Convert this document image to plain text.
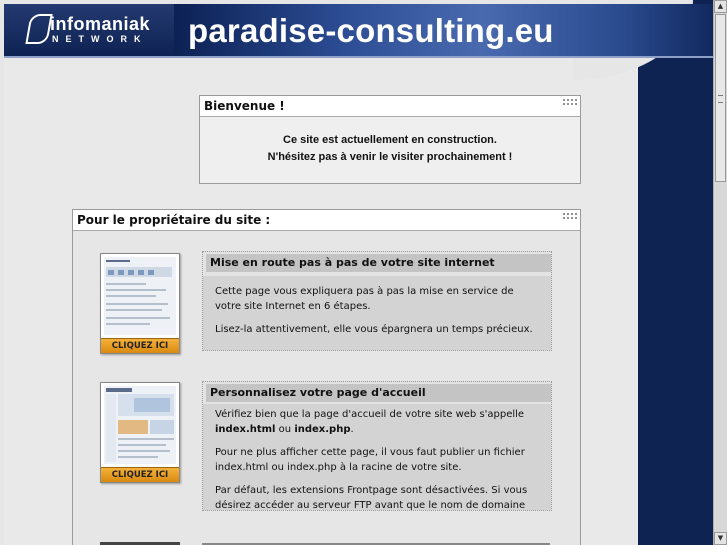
infomaniak
NETWORK paradise-consulting.eu
Bienvenue !
Ce site est actuellement en construction.
N'hésitez pas à venir le visiter prochainement !
Pour le propriétaire du site :
CLIQUEZ ICI
Mise en route pas à pas de votre site internet

Cette page vous expliquera pas à pas la mise en service de votre site Internet en 6 étapes.

Lisez-la attentivement, elle vous épargnera un temps précieux.

CLIQUEZ ICI
Personnalisez votre page d'accueil

Vérifiez bien que la page d'accueil de votre site web s'appelle index.html ou index.php.

Pour ne plus afficher cette page, il vous faut publier un fichier index.html ou index.php à la racine de votre site.

Par défaut, les extensions Frontpage sont désactivées. Si vous désirez accéder au serveur FTP avant que le nom de domaine

▲
▼
